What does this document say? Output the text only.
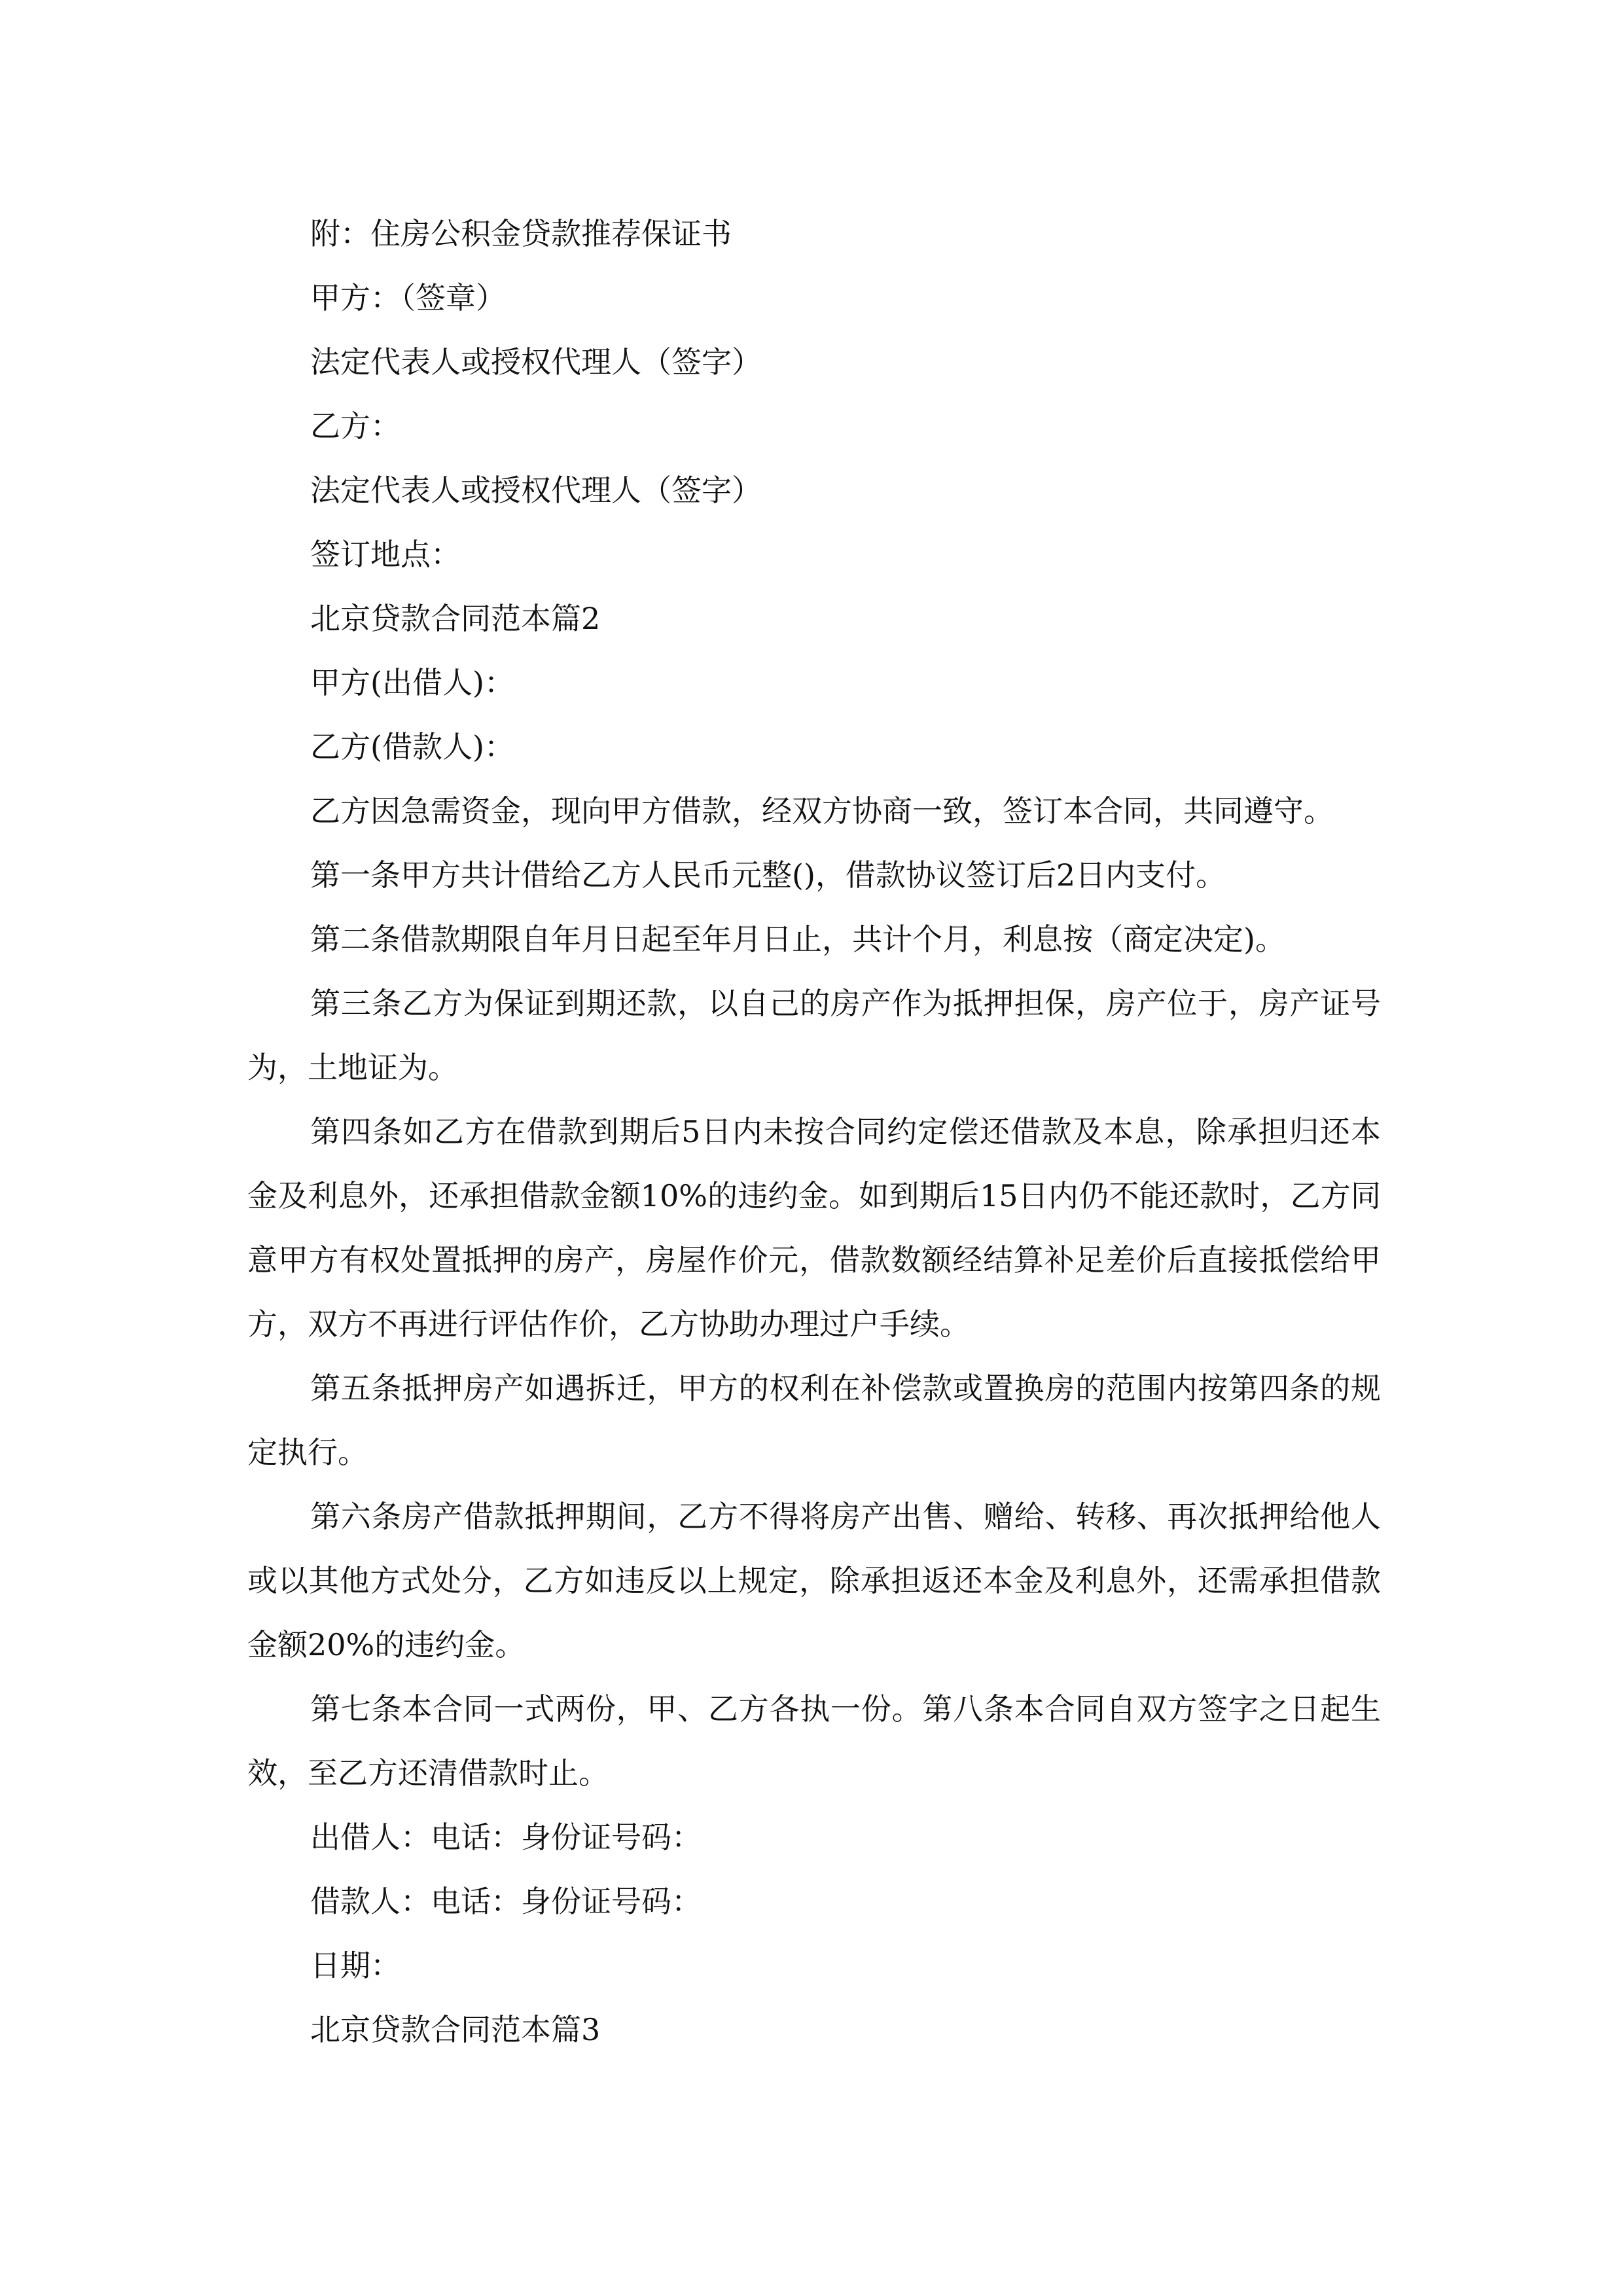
附：住房公积金贷款推荐保证书
甲方：（签章）
法定代表人或授权代理人（签字）
乙方：
法定代表人或授权代理人（签字）
签订地点：
北京贷款合同范本篇2
甲方(出借人)：
乙方(借款人)：
乙方因急需资金，现向甲方借款，经双方协商一致，签订本合同，共同遵守。
第一条甲方共计借给乙方人民币元整()，借款协议签订后2日内支付。
第二条借款期限自年月日起至年月日止，共计个月，利息按（商定决定)。
第三条乙方为保证到期还款，以自己的房产作为抵押担保，房产位于，房产证号为，土地证为。
第四条如乙方在借款到期后5日内未按合同约定偿还借款及本息，除承担归还本金及利息外，还承担借款金额10%的违约金。如到期后15日内仍不能还款时，乙方同意甲方有权处置抵押的房产，房屋作价元，借款数额经结算补足差价后直接抵偿给甲方，双方不再进行评估作价，乙方协助办理过户手续。
第五条抵押房产如遇拆迁，甲方的权利在补偿款或置换房的范围内按第四条的规定执行。
第六条房产借款抵押期间，乙方不得将房产出售、赠给、转移、再次抵押给他人或以其他方式处分，乙方如违反以上规定，除承担返还本金及利息外，还需承担借款金额20%的违约金。
第七条本合同一式两份，甲、乙方各执一份。第八条本合同自双方签字之日起生效，至乙方还清借款时止。
出借人：电话：身份证号码：
借款人：电话：身份证号码：
日期：
北京贷款合同范本篇3
